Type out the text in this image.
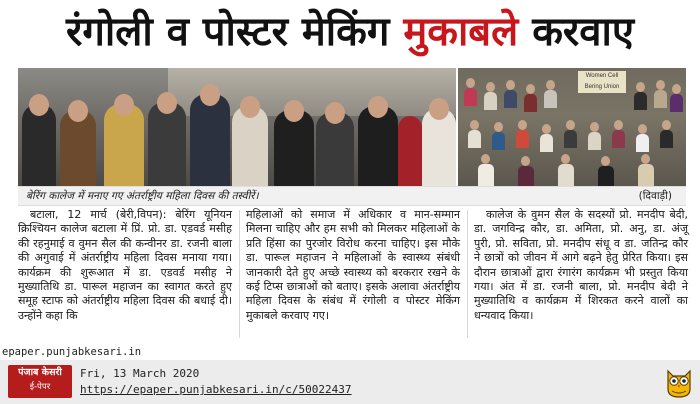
रंगोली व पोस्टर मेकिंग मुकाबले करवाए
Women Cell Bering Union
बेरिंग कालेज में मनाए गए अंतर्राष्ट्रीय महिला दिवस की तस्वीरें।	(दिवाड़ी)
बटाला, 12 मार्च (बेरी,विपन): बेरिंग यूनियन क्रिश्चियन कालेज बटाला में प्रिं. प्रो. डा. एडवर्ड मसीह की रहनुमाई व वुमन सैल की कन्वीनर डा. रजनी बाला की अगुवाई में अंतर्राष्ट्रीय महिला दिवस मनाया गया। कार्यक्रम की शुरूआत में डा. एडवर्ड मसीह ने मुख्यातिथि डा. पारूल महाजन का स्वागत करते हुए समूह स्टाफ को अंतर्राष्ट्रीय महिला दिवस की बधाई दी। उन्होंने कहा कि
महिलाओं को समाज में अधिकार व मान-सम्मान मिलना चाहिए और हम सभी को मिलकर महिलाओं के प्रति हिंसा का पुरजोर विरोध करना चाहिए। इस मौके डा. पारूल महाजन ने महिलाओं के स्वास्थ्य संबंधी जानकारी देते हुए अच्छे स्वास्थ्य को बरकरार रखने के कई टिप्स छात्राओं को बताए। इसके अलावा अंतर्राष्ट्रीय महिला दिवस के संबंध में रंगोली व पोस्टर मेकिंग मुकाबले करवाए गए।
कालेज के वुमन सैल के सदस्यों प्रो. मनदीप बेदी, डा. जगविन्द्र कौर, डा. अमिता, प्रो. अनु, डा. अंजू पुरी, प्रो. सविता, प्रो. मनदीप संधू व डा. जतिन्द्र कौर ने छात्रों को जीवन में आगे बढ़ने हेतु प्रेरित किया। इस दौरान छात्राओं द्वारा रंगारंग कार्यक्रम भी प्रस्तुत किया गया। अंत में डा. रजनी बाला, प्रो. मनदीप बेदी ने मुख्यातिथि व कार्यक्रम में शिरकत करने वालों का धन्यवाद किया।
epaper.punjabkesari.in
पंजाब केसरी
ई-पेपर
Fri, 13 March 2020
https://epaper.punjabkesari.in/c/50022437
